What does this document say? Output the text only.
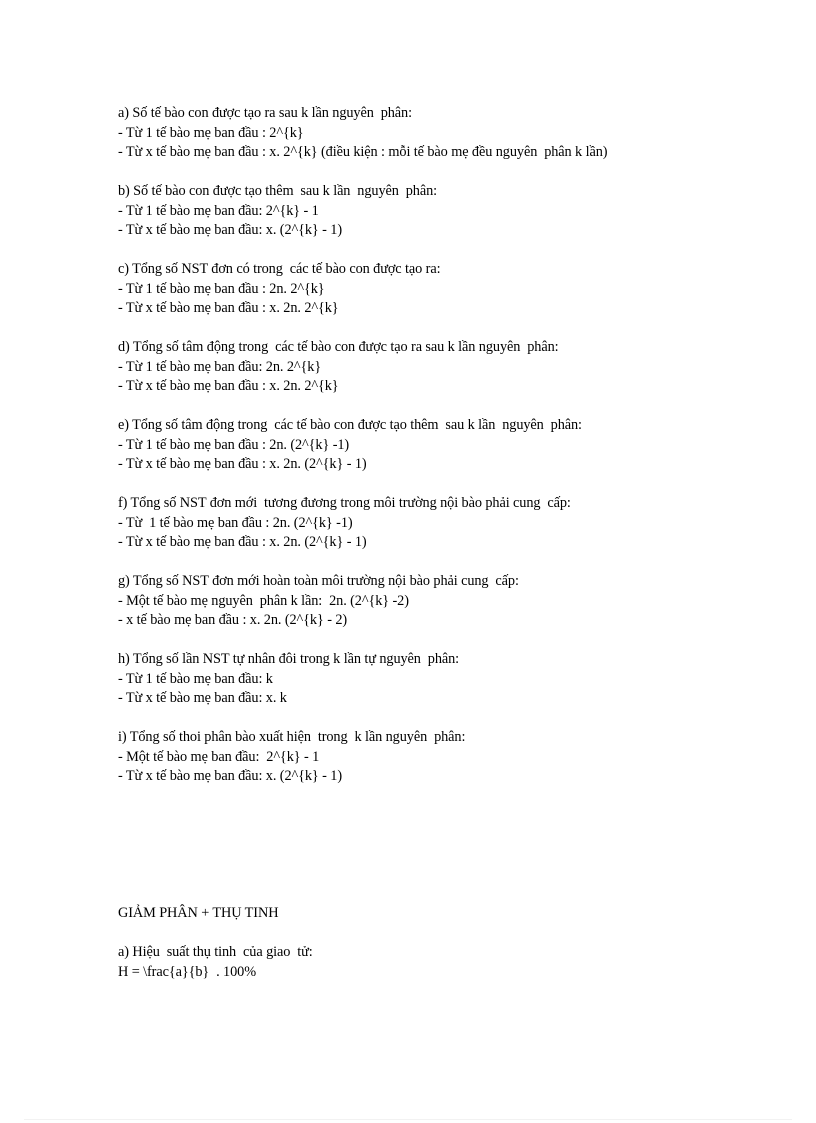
a) Số tế bào con được tạo ra sau k lần nguyên  phân:
- Từ 1 tế bào mẹ ban đầu : 2^{k}
- Từ x tế bào mẹ ban đầu : x. 2^{k} (điều kiện : mỗi tế bào mẹ đều nguyên  phân k lần)
b) Số tế bào con được tạo thêm  sau k lần  nguyên  phân:
- Từ 1 tế bào mẹ ban đầu: 2^{k} - 1
- Từ x tế bào mẹ ban đầu: x. (2^{k} - 1)
c) Tổng số NST đơn có trong  các tế bào con được tạo ra:
- Từ 1 tế bào mẹ ban đầu : 2n. 2^{k}
- Từ x tế bào mẹ ban đầu : x. 2n. 2^{k}
d) Tổng số tâm động trong  các tế bào con được tạo ra sau k lần nguyên  phân:
- Từ 1 tế bào mẹ ban đầu: 2n. 2^{k}
- Từ x tế bào mẹ ban đầu : x. 2n. 2^{k}
e) Tổng số tâm động trong  các tế bào con được tạo thêm  sau k lần  nguyên  phân:
- Từ 1 tế bào mẹ ban đầu : 2n. (2^{k} -1)
- Từ x tế bào mẹ ban đầu : x. 2n. (2^{k} - 1)
f) Tổng số NST đơn mới  tương đương trong môi trường nội bào phải cung  cấp:
- Từ  1 tế bào mẹ ban đầu : 2n. (2^{k} -1)
- Từ x tế bào mẹ ban đầu : x. 2n. (2^{k} - 1)
g) Tổng số NST đơn mới hoàn toàn môi trường nội bào phải cung  cấp:
- Một tế bào mẹ nguyên  phân k lần:  2n. (2^{k} -2)
- x tế bào mẹ ban đầu : x. 2n. (2^{k} - 2)
h) Tổng số lần NST tự nhân đôi trong k lần tự nguyên  phân:
- Từ 1 tế bào mẹ ban đầu: k
- Từ x tế bào mẹ ban đầu: x. k
i) Tổng số thoi phân bào xuất hiện  trong  k lần nguyên  phân:
- Một tế bào mẹ ban đầu:  2^{k} - 1
- Từ x tế bào mẹ ban đầu: x. (2^{k} - 1)
GIẢM PHÂN + THỤ TINH
a) Hiệu  suất thụ tinh  của giao  tử:
H = \frac{a}{b}  . 100%
